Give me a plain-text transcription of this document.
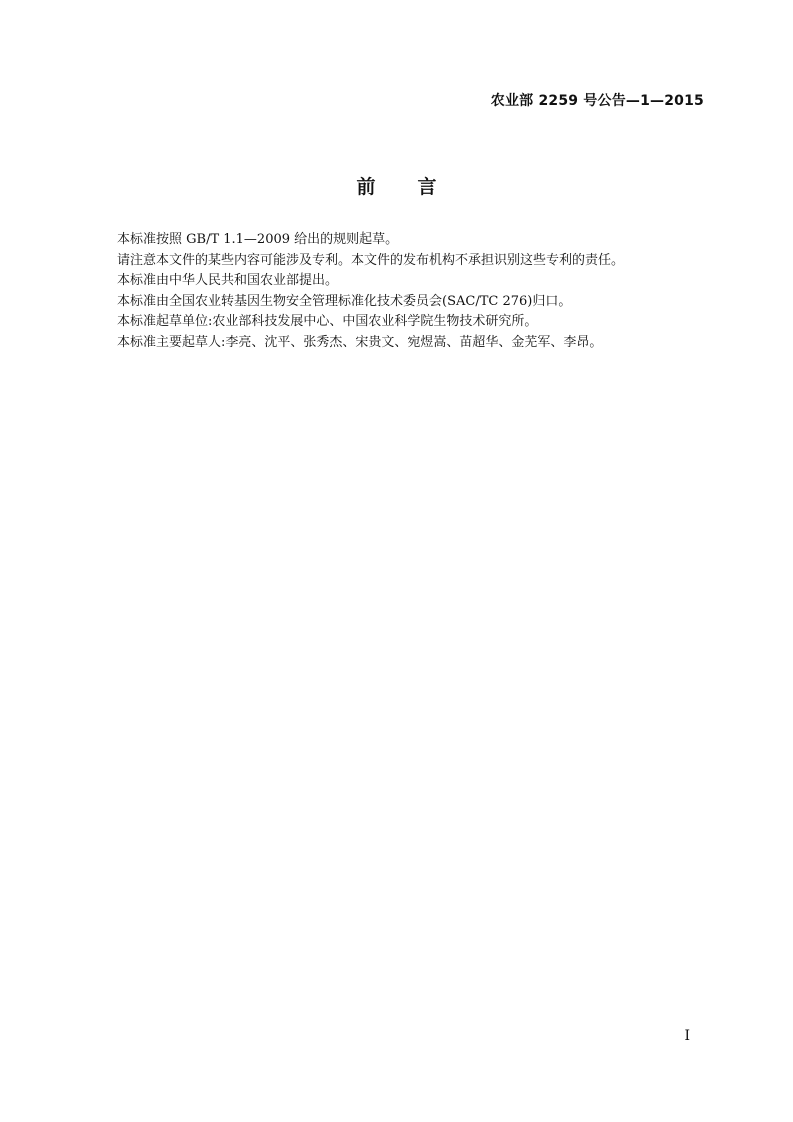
农业部 2259 号公告—1—2015
前言
本标准按照 GB/T 1.1—2009 给出的规则起草。
请注意本文件的某些内容可能涉及专利。本文件的发布机构不承担识别这些专利的责任。
本标准由中华人民共和国农业部提出。
本标准由全国农业转基因生物安全管理标准化技术委员会(SAC/TC 276)归口。
本标准起草单位:农业部科技发展中心、中国农业科学院生物技术研究所。
本标准主要起草人:李亮、沈平、张秀杰、宋贵文、宛煜嵩、苗超华、金芜军、李昂。
I
